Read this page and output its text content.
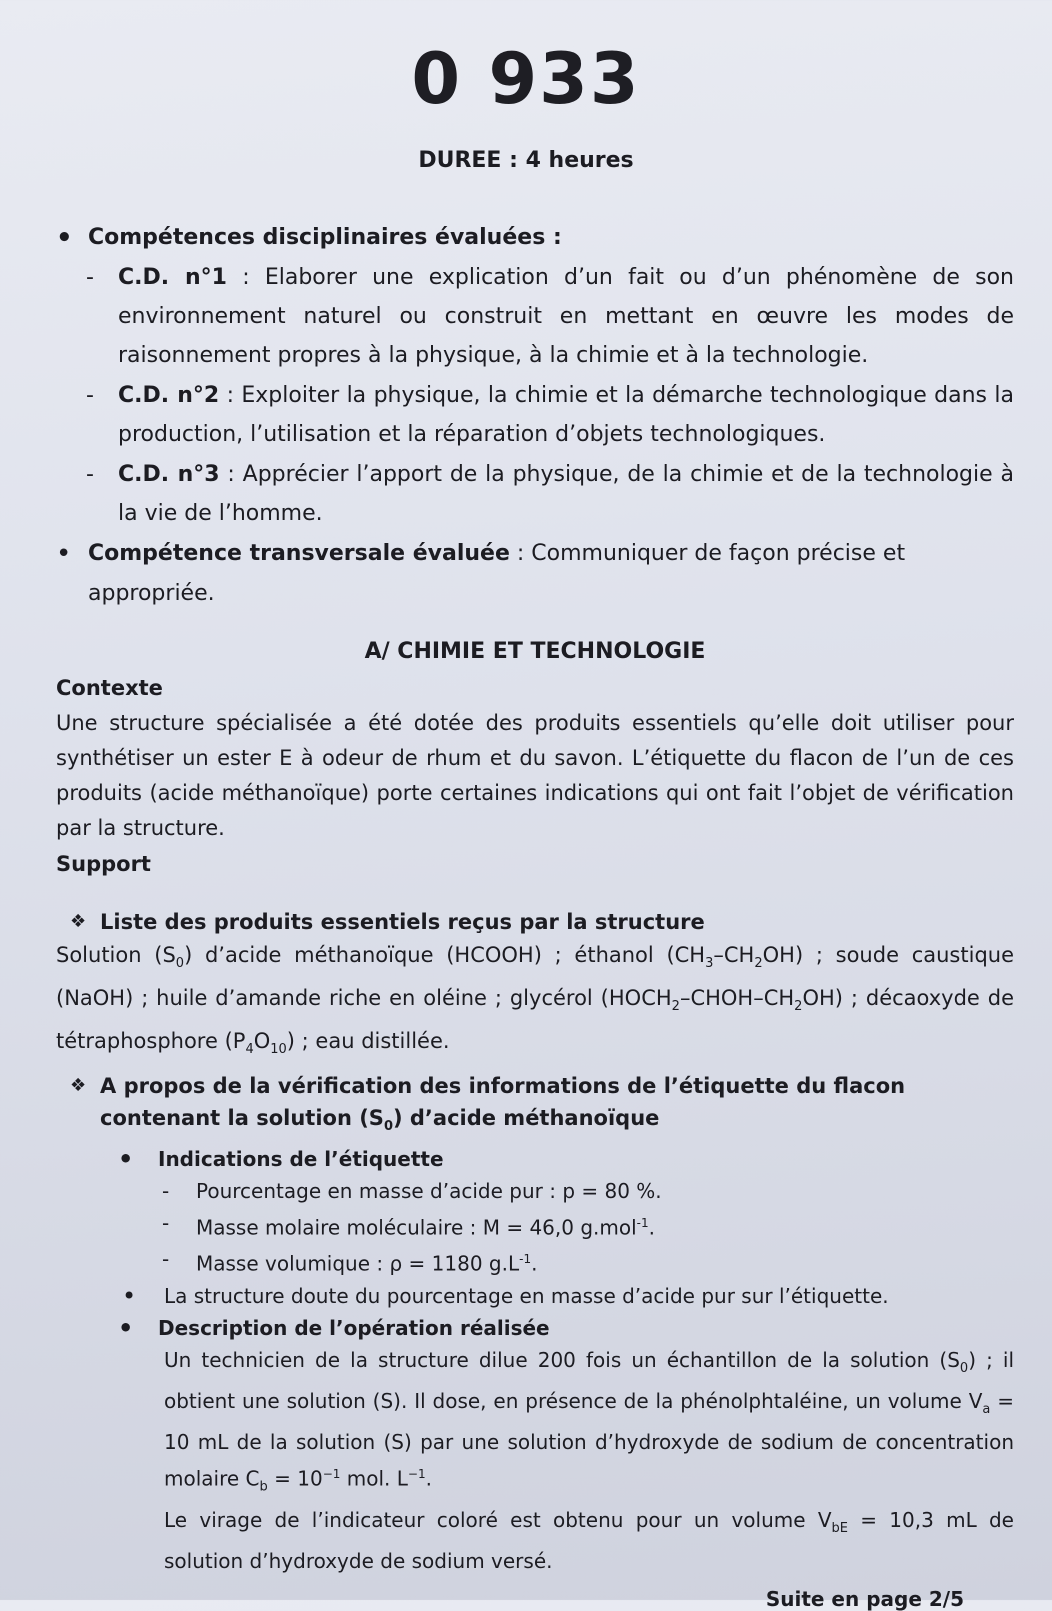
0 933
DUREE : 4 heures
• Compétences disciplinaires évaluées :
- C.D. n°1 : Elaborer une explication d’un fait ou d’un phénomène de son environnement naturel ou construit en mettant en œuvre les modes de raisonnement propres à la physique, à la chimie et à la technologie.
- C.D. n°2 : Exploiter la physique, la chimie et la démarche technologique dans la production, l’utilisation et la réparation d’objets technologiques.
- C.D. n°3 : Apprécier l’apport de la physique, de la chimie et de la technologie à la vie de l’homme.
• Compétence transversale évaluée : Communiquer de façon précise et appropriée.
A/ CHIMIE ET TECHNOLOGIE
Contexte
Une structure spécialisée a été dotée des produits essentiels qu’elle doit utiliser pour synthétiser un ester E à odeur de rhum et du savon. L’étiquette du flacon de l’un de ces produits (acide méthanoïque) porte certaines indications qui ont fait l’objet de vérification par la structure.
Support
❖ Liste des produits essentiels reçus par la structure
Solution $(S_0)$ d’acide méthanoïque (HCOOH) ; éthanol $(CH_3-CH_2OH)$ ; soude caustique (NaOH) ; huile d’amande riche en oléine ; glycérol $(HOCH_2-CHOH-CH_2OH)$ ; décaoxyde de tétraphosphore $(P_4O_{10})$ ; eau distillée.
❖ A propos de la vérification des informations de l’étiquette du flacon contenant la solution $(S_0)$ d’acide méthanoïque
• Indications de l’étiquette
- Pourcentage en masse d’acide pur : p = 80 %.
- Masse molaire moléculaire : M = 46,0 g.mol$^{-1}$.
- Masse volumique : ρ = 1180 $g.L^{-1}$.
• La structure doute du pourcentage en masse d’acide pur sur l’étiquette.
• Description de l’opération réalisée
Un technicien de la structure dilue 200 fois un échantillon de la solution $(S_0)$ ; il obtient une solution (S). Il dose, en présence de la phénolphtaléine, un volume $V_a = 10$ mL de la solution (S) par une solution d’hydroxyde de sodium de concentration molaire $C_b = 10^{-1}$ mol. $L^{-1}$.
Le virage de l’indicateur coloré est obtenu pour un volume $V_{bE} = 10,3$ mL de solution d’hydroxyde de sodium versé.
Suite en page 2/5
